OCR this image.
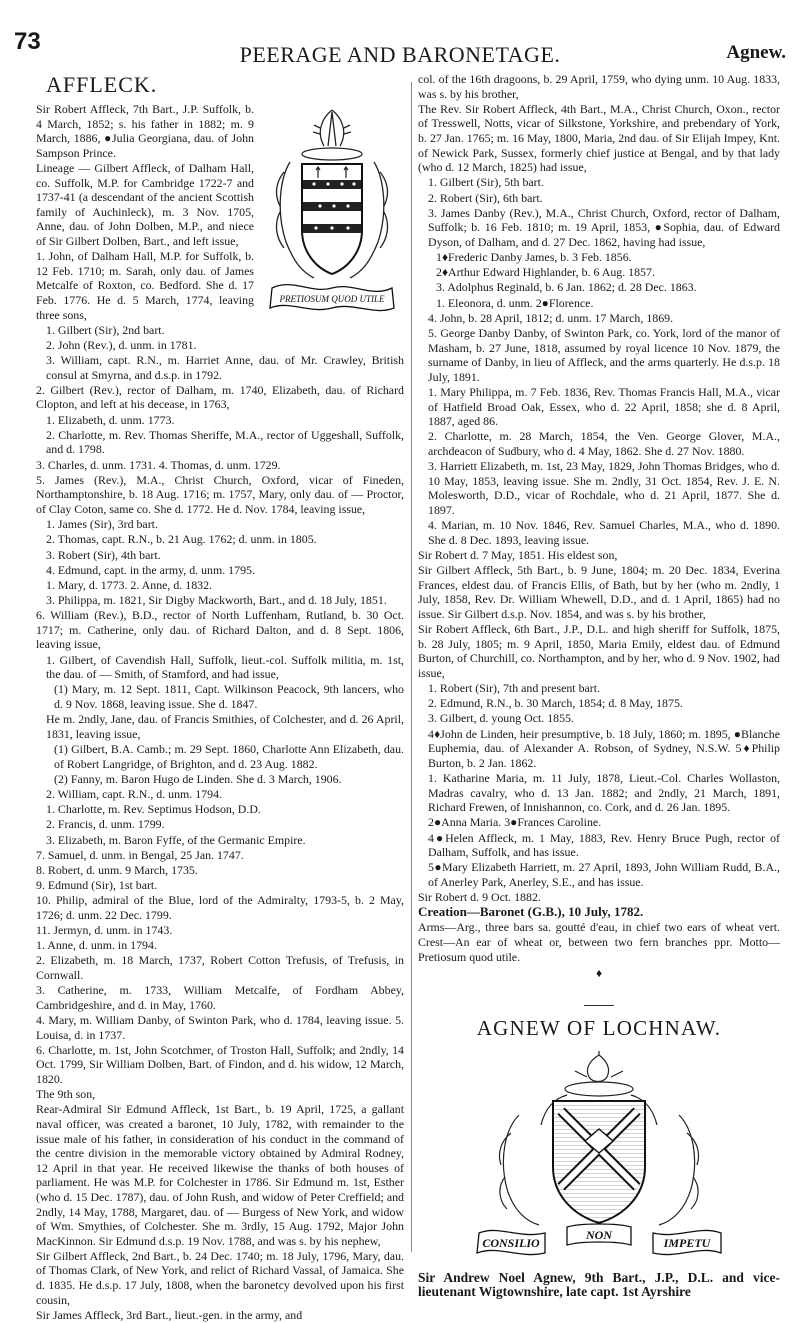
73	PEERAGE AND BARONETAGE.	Agnew.
AFFLECK.
PRETIOSUM QUOD UTILE

Sir Robert Affleck, 7th Bart., J.P. Suffolk, b. 4 March, 1852; s. his father in 1882; m. 9 March, 1886, ●Julia Georgiana, dau. of John Sampson Prince.

Lineage — Gilbert Affleck, of Dalham Hall, co. Suffolk, M.P. for Cambridge 1722-7 and 1737-41 (a descendant of the ancient Scottish family of Auchinleck), m. 3 Nov. 1705, Anne, dau. of John Dolben, M.P., and niece of Sir Gilbert Dolben, Bart., and left issue,

1. John, of Dalham Hall, M.P. for Suffolk, b. 12 Feb. 1710; m. Sarah, only dau. of James Metcalfe of Roxton, co. Bedford. She d. 17 Feb. 1776. He d. 5 March, 1774, leaving three sons,

1. Gilbert (Sir), 2nd bart.

2. John (Rev.), d. unm. in 1781.

3. William, capt. R.N., m. Harriet Anne, dau. of Mr. Crawley, British consul at Smyrna, and d.s.p. in 1792.

2. Gilbert (Rev.), rector of Dalham, m. 1740, Elizabeth, dau. of Richard Clopton, and left at his decease, in 1763,

1. Elizabeth, d. unm. 1773.

2. Charlotte, m. Rev. Thomas Sheriffe, M.A., rector of Uggeshall, Suffolk, and d. 1798.

3. Charles, d. unm. 1731. 4. Thomas, d. unm. 1729.

5. James (Rev.), M.A., Christ Church, Oxford, vicar of Fineden, Northamptonshire, b. 18 Aug. 1716; m. 1757, Mary, only dau. of — Proctor, of Clay Coton, same co. She d. 1772. He d. Nov. 1784, leaving issue,

1. James (Sir), 3rd bart.

2. Thomas, capt. R.N., b. 21 Aug. 1762; d. unm. in 1805.

3. Robert (Sir), 4th bart.

4. Edmund, capt. in the army, d. unm. 1795.

1. Mary, d. 1773. 2. Anne, d. 1832.

3. Philippa, m. 1821, Sir Digby Mackworth, Bart., and d. 18 July, 1851.

6. William (Rev.), B.D., rector of North Luffenham, Rutland, b. 30 Oct. 1717; m. Catherine, only dau. of Richard Dalton, and d. 8 Sept. 1806, leaving issue,

1. Gilbert, of Cavendish Hall, Suffolk, lieut.-col. Suffolk militia, m. 1st, the dau. of — Smith, of Stamford, and had issue,

(1) Mary, m. 12 Sept. 1811, Capt. Wilkinson Peacock, 9th lancers, who d. 9 Nov. 1868, leaving issue. She d. 1847.

He m. 2ndly, Jane, dau. of Francis Smithies, of Colchester, and d. 26 April, 1831, leaving issue,

(1) Gilbert, B.A. Camb.; m. 29 Sept. 1860, Charlotte Ann Elizabeth, dau. of Robert Langridge, of Brighton, and d. 23 Aug. 1882.

(2) Fanny, m. Baron Hugo de Linden. She d. 3 March, 1906.

2. William, capt. R.N., d. unm. 1794.

1. Charlotte, m. Rev. Septimus Hodson, D.D.

2. Francis, d. unm. 1799.

3. Elizabeth, m. Baron Fyffe, of the Germanic Empire.

7. Samuel, d. unm. in Bengal, 25 Jan. 1747.

8. Robert, d. unm. 9 March, 1735.

9. Edmund (Sir), 1st bart.

10. Philip, admiral of the Blue, lord of the Admiralty, 1793-5, b. 2 May, 1726; d. unm. 22 Dec. 1799.

11. Jermyn, d. unm. in 1743.

1. Anne, d. unm. in 1794.

2. Elizabeth, m. 18 March, 1737, Robert Cotton Trefusis, of Trefusis, in Cornwall.

3. Catherine, m. 1733, William Metcalfe, of Fordham Abbey, Cambridgeshire, and d. in May, 1760.

4. Mary, m. William Danby, of Swinton Park, who d. 1784, leaving issue. 5. Louisa, d. in 1737.

6. Charlotte, m. 1st, John Scotchmer, of Troston Hall, Suffolk; and 2ndly, 14 Oct. 1799, Sir William Dolben, Bart. of Findon, and d. his widow, 12 March, 1820.

The 9th son,

Rear-Admiral Sir Edmund Affleck, 1st Bart., b. 19 April, 1725, a gallant naval officer, was created a baronet, 10 July, 1782, with remainder to the issue male of his father, in consideration of his conduct in the command of the centre division in the memorable victory obtained by Admiral Rodney, 12 April in that year. He received likewise the thanks of both houses of parliament. He was M.P. for Colchester in 1786. Sir Edmund m. 1st, Esther (who d. 15 Dec. 1787), dau. of John Rush, and widow of Peter Creffield; and 2ndly, 14 May, 1788, Margaret, dau. of — Burgess of New York, and widow of Wm. Smythies, of Colchester. She m. 3rdly, 15 Aug. 1792, Major John MacKinnon. Sir Edmund d.s.p. 19 Nov. 1788, and was s. by his nephew,

Sir Gilbert Affleck, 2nd Bart., b. 24 Dec. 1740; m. 18 July, 1796, Mary, dau. of Thomas Clark, of New York, and relict of Richard Vassal, of Jamaica. She d. 1835. He d.s.p. 17 July, 1808, when the baronetcy devolved upon his first cousin,

Sir James Affleck, 3rd Bart., lieut.-gen. in the army, and

col. of the 16th dragoons, b. 29 April, 1759, who dying unm. 10 Aug. 1833, was s. by his brother,

The Rev. Sir Robert Affleck, 4th Bart., M.A., Christ Church, Oxon., rector of Tresswell, Notts, vicar of Silkstone, Yorkshire, and prebendary of York, b. 27 Jan. 1765; m. 16 May, 1800, Maria, 2nd dau. of Sir Elijah Impey, Knt. of Newick Park, Sussex, formerly chief justice at Bengal, and by that lady (who d. 12 March, 1825) had issue,

1. Gilbert (Sir), 5th bart.

2. Robert (Sir), 6th bart.

3. James Danby (Rev.), M.A., Christ Church, Oxford, rector of Dalham, Suffolk; b. 16 Feb. 1810; m. 19 April, 1853, ●Sophia, dau. of Edward Dyson, of Dalham, and d. 27 Dec. 1862, having had issue,

1♦Frederic Danby James, b. 3 Feb. 1856.

2♦Arthur Edward Highlander, b. 6 Aug. 1857.

3. Adolphus Reginald, b. 6 Jan. 1862; d. 28 Dec. 1863.

1. Eleonora, d. unm. 2●Florence.

4. John, b. 28 April, 1812; d. unm. 17 March, 1869.

5. George Danby Danby, of Swinton Park, co. York, lord of the manor of Masham, b. 27 June, 1818, assumed by royal licence 10 Nov. 1879, the surname of Danby, in lieu of Affleck, and the arms quarterly. He d.s.p. 18 July, 1891.

1. Mary Philippa, m. 7 Feb. 1836, Rev. Thomas Francis Hall, M.A., vicar of Hatfield Broad Oak, Essex, who d. 22 April, 1858; she d. 8 April, 1887, aged 86.

2. Charlotte, m. 28 March, 1854, the Ven. George Glover, M.A., archdeacon of Sudbury, who d. 4 May, 1862. She d. 27 Nov. 1880.

3. Harriett Elizabeth, m. 1st, 23 May, 1829, John Thomas Bridges, who d. 10 May, 1853, leaving issue. She m. 2ndly, 31 Oct. 1854, Rev. J. E. N. Molesworth, D.D., vicar of Rochdale, who d. 21 April, 1877. She d. 1897.

4. Marian, m. 10 Nov. 1846, Rev. Samuel Charles, M.A., who d. 1890. She d. 8 Dec. 1893, leaving issue.

Sir Robert d. 7 May, 1851. His eldest son,

Sir Gilbert Affleck, 5th Bart., b. 9 June, 1804; m. 20 Dec. 1834, Everina Frances, eldest dau. of Francis Ellis, of Bath, but by her (who m. 2ndly, 1 July, 1858, Rev. Dr. William Whewell, D.D., and d. 1 April, 1865) had no issue. Sir Gilbert d.s.p. Nov. 1854, and was s. by his brother,

Sir Robert Affleck, 6th Bart., J.P., D.L. and high sheriff for Suffolk, 1875, b. 28 July, 1805; m. 9 April, 1850, Maria Emily, eldest dau. of Edmund Burton, of Churchill, co. Northampton, and by her, who d. 9 Nov. 1902, had issue,

1. Robert (Sir), 7th and present bart.

2. Edmund, R.N., b. 30 March, 1854; d. 8 May, 1875.

3. Gilbert, d. young Oct. 1855.

4♦John de Linden, heir presumptive, b. 18 July, 1860; m. 1895, ●Blanche Euphemia, dau. of Alexander A. Robson, of Sydney, N.S.W. 5♦Philip Burton, b. 2 Jan. 1862.

1. Katharine Maria, m. 11 July, 1878, Lieut.-Col. Charles Wollaston, Madras cavalry, who d. 13 Jan. 1882; and 2ndly, 21 March, 1891, Richard Frewen, of Innishannon, co. Cork, and d. 26 Jan. 1895.

2●Anna Maria. 3●Frances Caroline.

4●Helen Affleck, m. 1 May, 1883, Rev. Henry Bruce Pugh, rector of Dalham, Suffolk, and has issue.

5●Mary Elizabeth Harriett, m. 27 April, 1893, John William Rudd, B.A., of Anerley Park, Anerley, S.E., and has issue.

Sir Robert d. 9 Oct. 1882.

Creation—Baronet (G.B.), 10 July, 1782.

Arms—Arg., three bars sa. goutté d'eau, in chief two ears of wheat vert. Crest—An ear of wheat or, between two fern branches ppr. Motto—Pretiosum quod utile.

♦
AGNEW OF LOCHNAW.
CONSILIO
NON
IMPETU

Sir Andrew Noel Agnew, 9th Bart., J.P., D.L. and vice-lieutenant Wigtownshire, late capt. 1st Ayrshire
